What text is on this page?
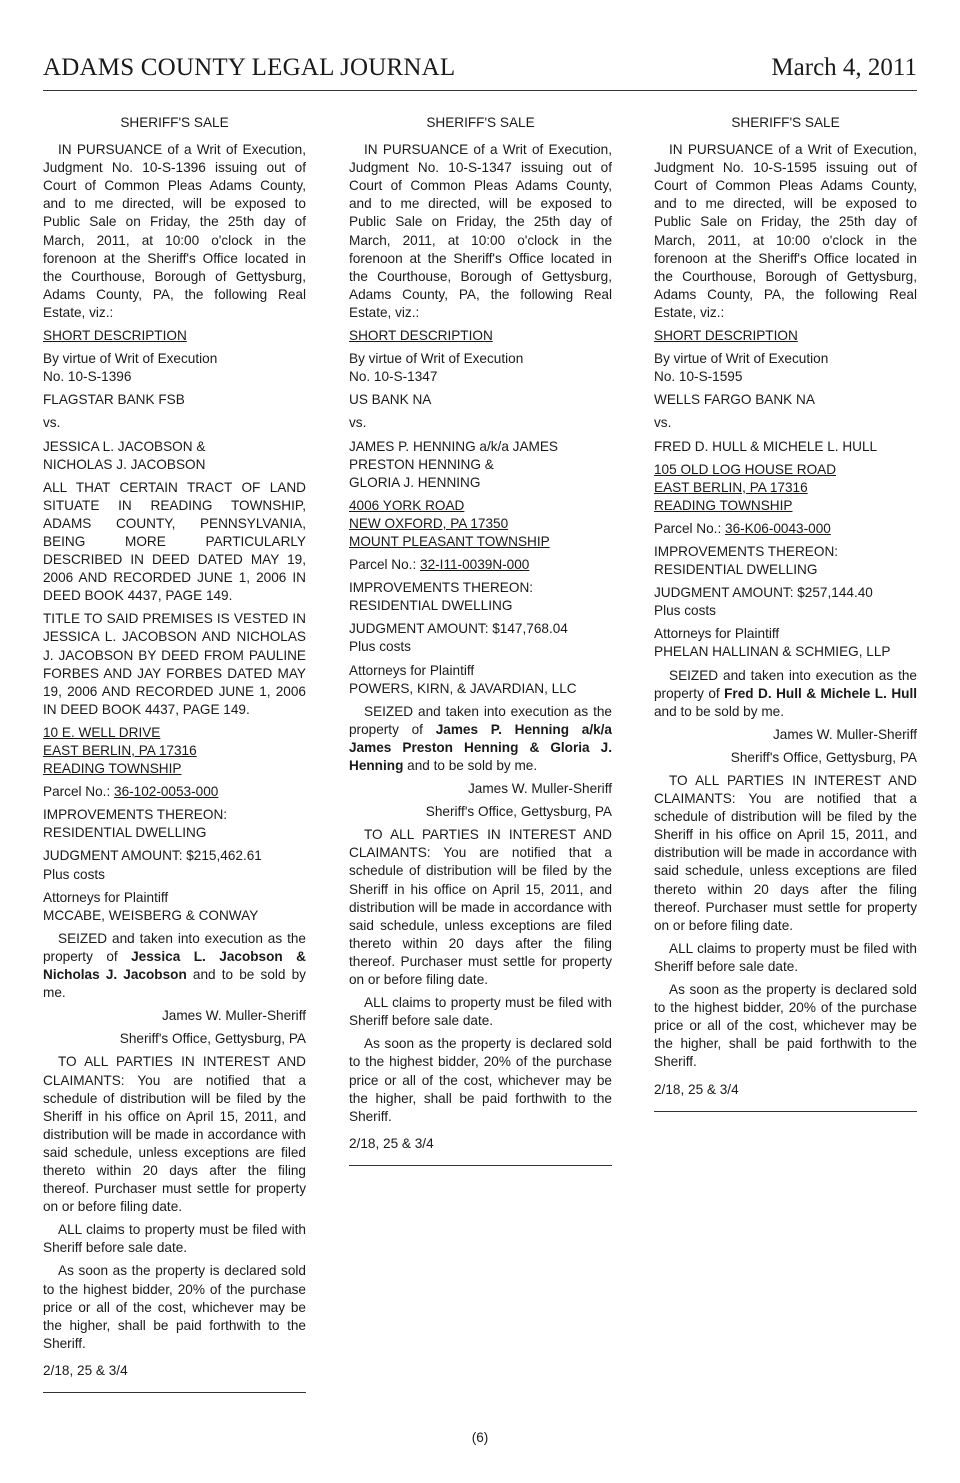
ADAMS COUNTY LEGAL JOURNAL	March 4, 2011

SHERIFF'S SALE

IN PURSUANCE of a Writ of Execution, Judgment No. 10-S-1396 issuing out of Court of Common Pleas Adams County, and to me directed, will be exposed to Public Sale on Friday, the 25th day of March, 2011, at 10:00 o'clock in the forenoon at the Sheriff's Office located in the Courthouse, Borough of Gettysburg, Adams County, PA, the following Real Estate, viz.:

SHORT DESCRIPTION

By virtue of Writ of Execution
No. 10-S-1396

FLAGSTAR BANK FSB

vs.

JESSICA L. JACOBSON &
NICHOLAS J. JACOBSON

ALL THAT CERTAIN TRACT OF LAND SITUATE IN READING TOWNSHIP, ADAMS COUNTY, PENNSYLVANIA, BEING MORE PARTICULARLY DESCRIBED IN DEED DATED MAY 19, 2006 AND RECORDED JUNE 1, 2006 IN DEED BOOK 4437, PAGE 149.

TITLE TO SAID PREMISES IS VESTED IN JESSICA L. JACOBSON AND NICHOLAS J. JACOBSON BY DEED FROM PAULINE FORBES AND JAY FORBES DATED MAY 19, 2006 AND RECORDED JUNE 1, 2006 IN DEED BOOK 4437, PAGE 149.

10 E. WELL DRIVE
EAST BERLIN, PA 17316
READING TOWNSHIP

Parcel No.: 36-102-0053-000

IMPROVEMENTS THEREON:
RESIDENTIAL DWELLING

JUDGMENT AMOUNT: $215,462.61
Plus costs

Attorneys for Plaintiff
MCCABE, WEISBERG & CONWAY

SEIZED and taken into execution as the property of Jessica L. Jacobson & Nicholas J. Jacobson and to be sold by me.

James W. Muller-Sheriff

Sheriff's Office, Gettysburg, PA

TO ALL PARTIES IN INTEREST AND CLAIMANTS: You are notified that a schedule of distribution will be filed by the Sheriff in his office on April 15, 2011, and distribution will be made in accordance with said schedule, unless exceptions are filed thereto within 20 days after the filing thereof. Purchaser must settle for property on or before filing date.

ALL claims to property must be filed with Sheriff before sale date.

As soon as the property is declared sold to the highest bidder, 20% of the purchase price or all of the cost, whichever may be the higher, shall be paid forthwith to the Sheriff.

2/18, 25 & 3/4

SHERIFF'S SALE

IN PURSUANCE of a Writ of Execution, Judgment No. 10-S-1347 issuing out of Court of Common Pleas Adams County, and to me directed, will be exposed to Public Sale on Friday, the 25th day of March, 2011, at 10:00 o'clock in the forenoon at the Sheriff's Office located in the Courthouse, Borough of Gettysburg, Adams County, PA, the following Real Estate, viz.:

SHORT DESCRIPTION

By virtue of Writ of Execution
No. 10-S-1347

US BANK NA

vs.

JAMES P. HENNING a/k/a JAMES
PRESTON HENNING &
GLORIA J. HENNING

4006 YORK ROAD
NEW OXFORD, PA 17350
MOUNT PLEASANT TOWNSHIP

Parcel No.: 32-I11-0039N-000

IMPROVEMENTS THEREON:
RESIDENTIAL DWELLING

JUDGMENT AMOUNT: $147,768.04
Plus costs

Attorneys for Plaintiff
POWERS, KIRN, & JAVARDIAN, LLC

SEIZED and taken into execution as the property of James P. Henning a/k/a James Preston Henning & Gloria J. Henning and to be sold by me.

James W. Muller-Sheriff

Sheriff's Office, Gettysburg, PA

TO ALL PARTIES IN INTEREST AND CLAIMANTS: You are notified that a schedule of distribution will be filed by the Sheriff in his office on April 15, 2011, and distribution will be made in accordance with said schedule, unless exceptions are filed thereto within 20 days after the filing thereof. Purchaser must settle for property on or before filing date.

ALL claims to property must be filed with Sheriff before sale date.

As soon as the property is declared sold to the highest bidder, 20% of the purchase price or all of the cost, whichever may be the higher, shall be paid forthwith to the Sheriff.

2/18, 25 & 3/4

SHERIFF'S SALE

IN PURSUANCE of a Writ of Execution, Judgment No. 10-S-1595 issuing out of Court of Common Pleas Adams County, and to me directed, will be exposed to Public Sale on Friday, the 25th day of March, 2011, at 10:00 o'clock in the forenoon at the Sheriff's Office located in the Courthouse, Borough of Gettysburg, Adams County, PA, the following Real Estate, viz.:

SHORT DESCRIPTION

By virtue of Writ of Execution
No. 10-S-1595

WELLS FARGO BANK NA

vs.

FRED D. HULL & MICHELE L. HULL

105 OLD LOG HOUSE ROAD
EAST BERLIN, PA 17316
READING TOWNSHIP

Parcel No.: 36-K06-0043-000

IMPROVEMENTS THEREON:
RESIDENTIAL DWELLING

JUDGMENT AMOUNT: $257,144.40
Plus costs

Attorneys for Plaintiff
PHELAN HALLINAN & SCHMIEG, LLP

SEIZED and taken into execution as the property of Fred D. Hull & Michele L. Hull and to be sold by me.

James W. Muller-Sheriff

Sheriff's Office, Gettysburg, PA

TO ALL PARTIES IN INTEREST AND CLAIMANTS: You are notified that a schedule of distribution will be filed by the Sheriff in his office on April 15, 2011, and distribution will be made in accordance with said schedule, unless exceptions are filed thereto within 20 days after the filing thereof. Purchaser must settle for property on or before filing date.

ALL claims to property must be filed with Sheriff before sale date.

As soon as the property is declared sold to the highest bidder, 20% of the purchase price or all of the cost, whichever may be the higher, shall be paid forthwith to the Sheriff.

2/18, 25 & 3/4

(6)
